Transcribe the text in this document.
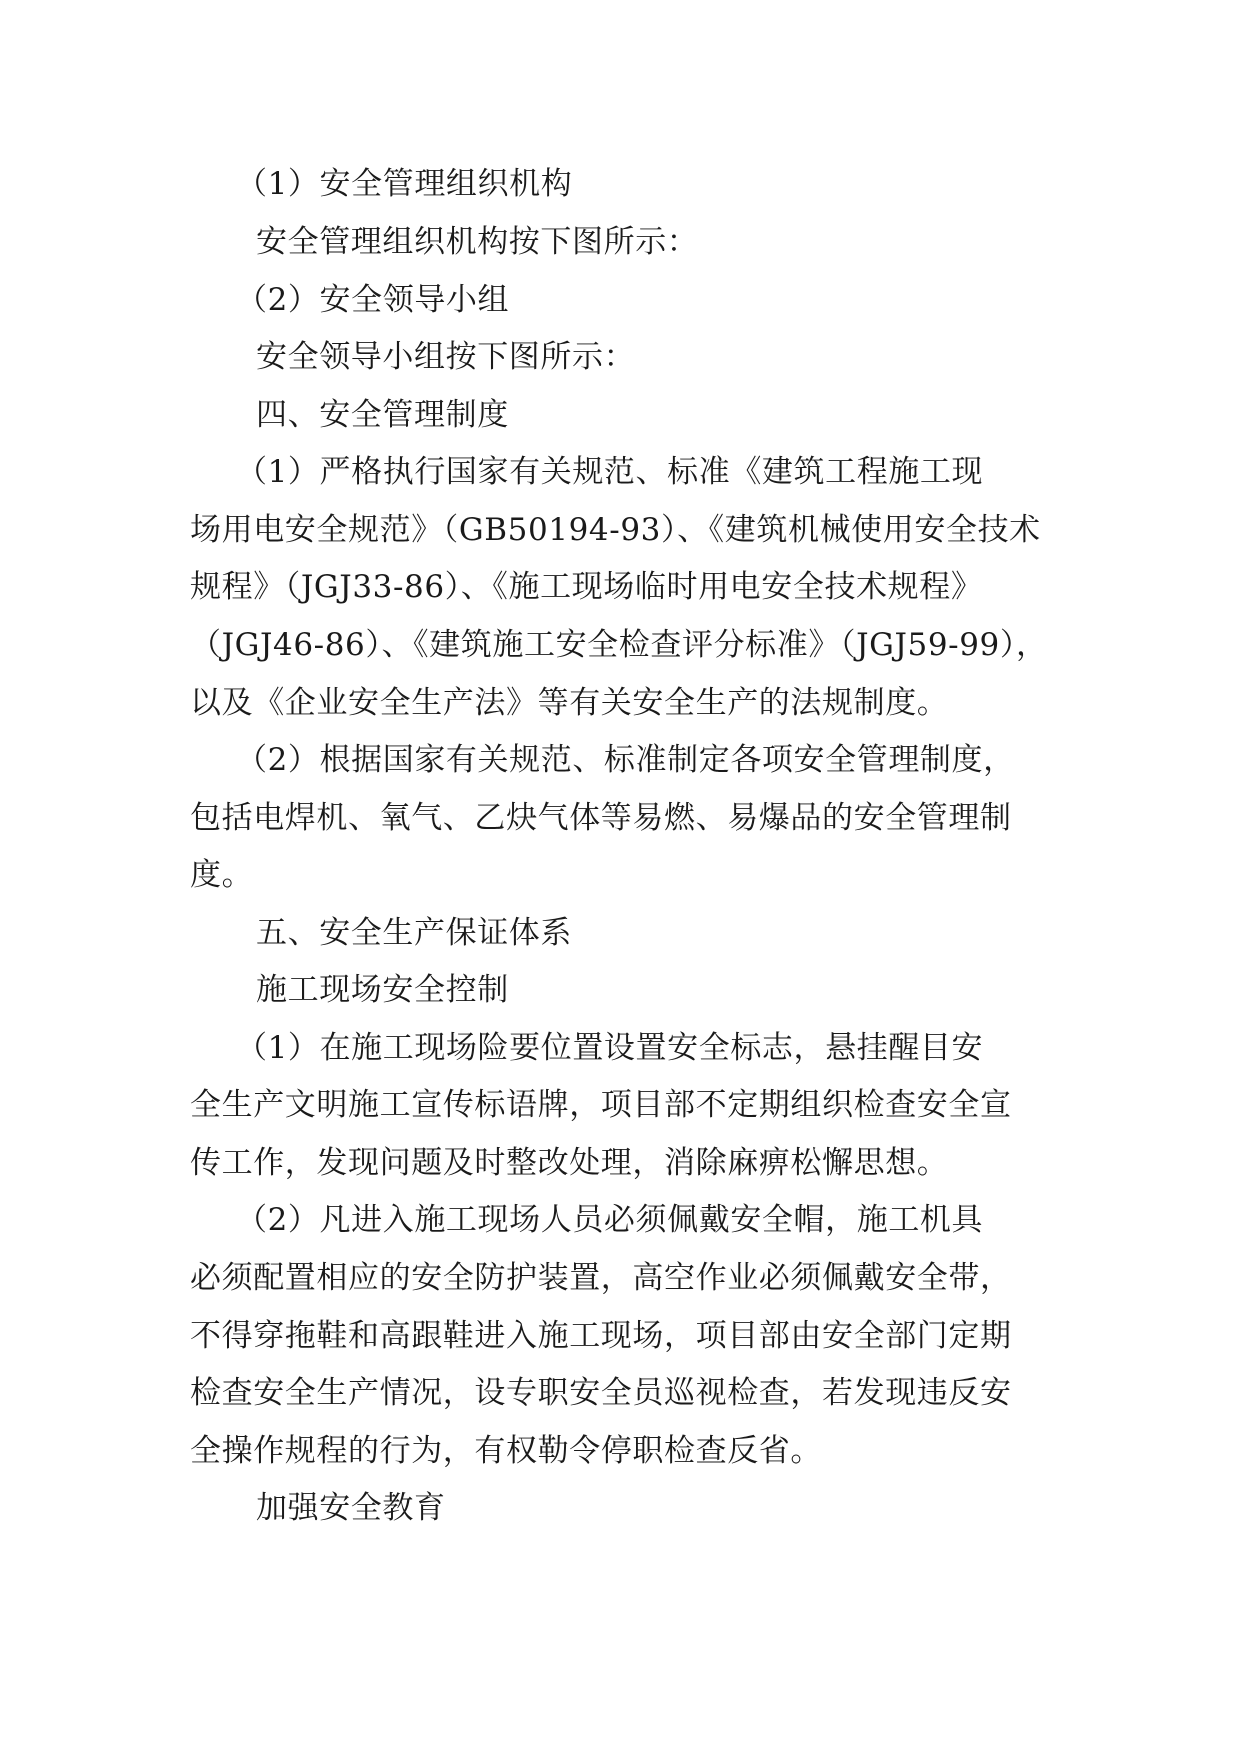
（1）安全管理组织机构
安全管理组织机构按下图所示：
（2）安全领导小组
安全领导小组按下图所示：
四、安全管理制度
（1）严格执行国家有关规范、标准《建筑工程施工现
场用电安全规范》（GB50194-93）、《建筑机械使用安全技术
规程》（JGJ33-86）、《施工现场临时用电安全技术规程》
（JGJ46-86）、《建筑施工安全检查评分标准》（JGJ59-99），
以及《企业安全生产法》等有关安全生产的法规制度。
（2）根据国家有关规范、标准制定各项安全管理制度，
包括电焊机、氧气、乙炔气体等易燃、易爆品的安全管理制
度。
五、安全生产保证体系
施工现场安全控制
（1）在施工现场险要位置设置安全标志，悬挂醒目安
全生产文明施工宣传标语牌，项目部不定期组织检查安全宣
传工作，发现问题及时整改处理，消除麻痹松懈思想。
（2）凡进入施工现场人员必须佩戴安全帽，施工机具
必须配置相应的安全防护装置，高空作业必须佩戴安全带，
不得穿拖鞋和高跟鞋进入施工现场，项目部由安全部门定期
检查安全生产情况，设专职安全员巡视检查，若发现违反安
全操作规程的行为，有权勒令停职检查反省。
加强安全教育
